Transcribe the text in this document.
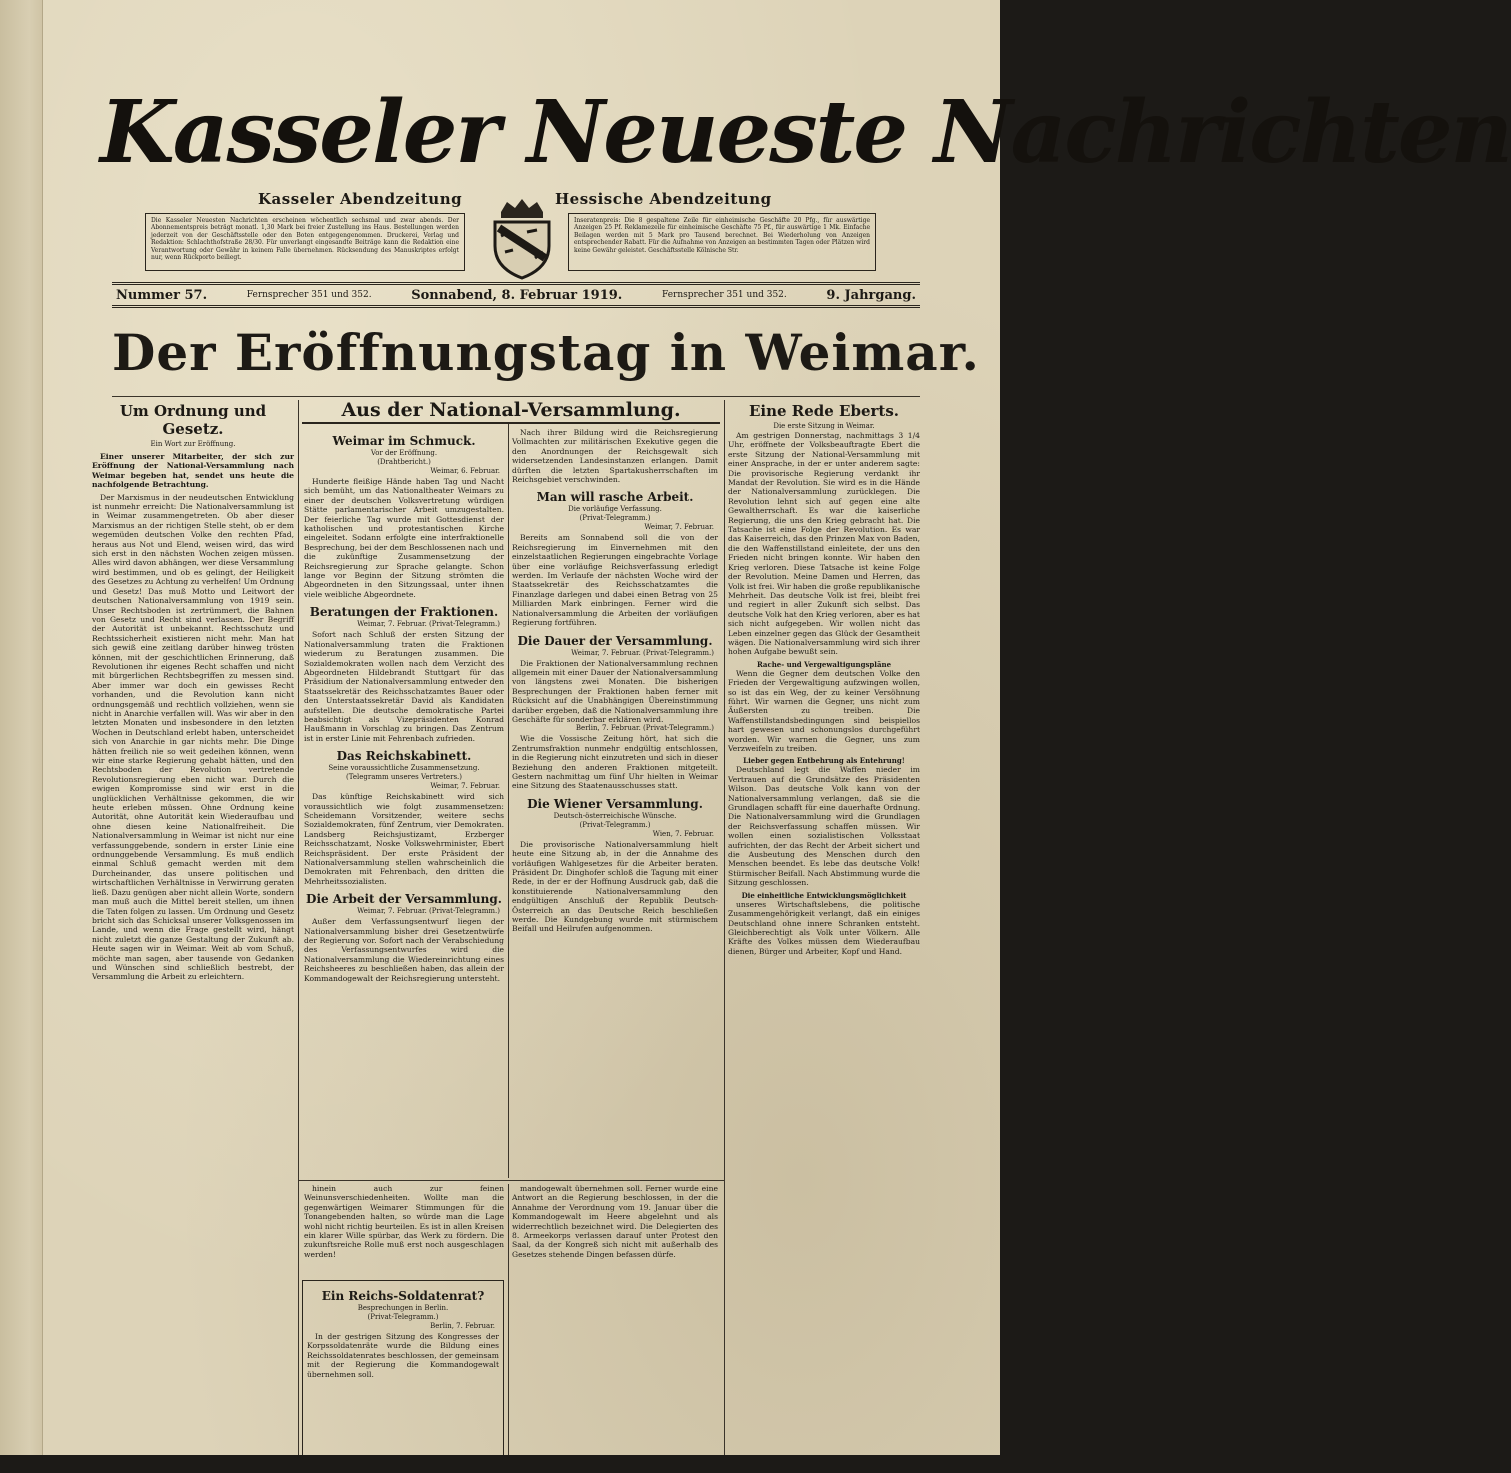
Kasseler Neueste Nachrichten
Kasseler Abendzeitung	Hessische Abendzeitung
Die Kasseler Neuesten Nachrichten erscheinen wöchentlich sechsmal und zwar abends. Der Abonnementspreis beträgt monatl. 1,30 Mark bei freier Zustellung ins Haus. Bestellungen werden jederzeit von der Geschäftsstelle oder den Boten entgegengenommen. Druckerei, Verlag und Redaktion: Schlachthofstraße 28/30. Für unverlangt eingesandte Beiträge kann die Redaktion eine Verantwortung oder Gewähr in keinem Falle übernehmen. Rücksendung des Manuskriptes erfolgt nur, wenn Rückporto beiliegt.
Inseratenpreis: Die 8 gespaltene Zeile für einheimische Geschäfte 20 Pfg., für auswärtige Anzeigen 25 Pf. Reklamezeile für einheimische Geschäfte 75 Pf., für auswärtige 1 Mk. Einfache Beilagen werden mit 5 Mark pro Tausend berechnet. Bei Wiederholung von Anzeigen entsprechender Rabatt. Für die Aufnahme von Anzeigen an bestimmten Tagen oder Plätzen wird keine Gewähr geleistet. Geschäftsstelle Kölnische Str.
Nummer 57.	Fernsprecher 351 und 352.	Sonnabend, 8. Februar 1919.	Fernsprecher 351 und 352.	9. Jahrgang.
Der Eröffnungstag in Weimar.
Um Ordnung und Gesetz.
Ein Wort zur Eröffnung.

Einer unserer Mitarbeiter, der sich zur Eröffnung der National-Versammlung nach Weimar begeben hat, sendet uns heute die nachfolgende Betrachtung.

Der Marxismus in der neudeutschen Entwicklung ist nunmehr erreicht: Die Nationalversammlung ist in Weimar zusammengetreten. Ob aber dieser Marxismus an der richtigen Stelle steht, ob er dem wegemüden deutschen Volke den rechten Pfad, heraus aus Not und Elend, weisen wird, das wird sich erst in den nächsten Wochen zeigen müssen. Alles wird davon abhängen, wer diese Versammlung wird bestimmen, und ob es gelingt, der Heiligkeit des Gesetzes zu Achtung zu verhelfen! Um Ordnung und Gesetz! Das muß Motto und Leitwort der deutschen Nationalversammlung von 1919 sein. Unser Rechtsboden ist zertrümmert, die Bahnen von Gesetz und Recht sind verlassen. Der Begriff der Autorität ist unbekannt. Rechtsschutz und Rechtssicherheit existieren nicht mehr. Man hat sich gewiß eine zeitlang darüber hinweg trösten können, mit der geschichtlichen Erinnerung, daß Revolutionen ihr eigenes Recht schaffen und nicht mit bürgerlichen Rechtsbegriffen zu messen sind. Aber immer war doch ein gewisses Recht vorhanden, und die Revolution kann nicht ordnungsgemäß und rechtlich vollziehen, wenn sie nicht in Anarchie verfallen will. Was wir aber in den letzten Monaten und insbesondere in den letzten Wochen in Deutschland erlebt haben, unterscheidet sich von Anarchie in gar nichts mehr. Die Dinge hätten freilich nie so weit gedeihen können, wenn wir eine starke Regierung gehabt hätten, und den Rechtsboden der Revolution vertretende Revolutionsregierung eben nicht war. Durch die ewigen Kompromisse sind wir erst in die unglücklichen Verhältnisse gekommen, die wir heute erleben müssen. Ohne Ordnung keine Autorität, ohne Autorität kein Wiederaufbau und ohne diesen keine Nationalfreiheit. Die Nationalversammlung in Weimar ist nicht nur eine verfassunggebende, sondern in erster Linie eine ordnunggebende Versammlung. Es muß endlich einmal Schluß gemacht werden mit dem Durcheinander, das unsere politischen und wirtschaftlichen Verhältnisse in Verwirrung geraten ließ. Dazu genügen aber nicht allein Worte, sondern man muß auch die Mittel bereit stellen, um ihnen die Taten folgen zu lassen. Um Ordnung und Gesetz bricht sich das Schicksal unserer Volksgenossen im Lande, und wenn die Frage gestellt wird, hängt nicht zuletzt die ganze Gestaltung der Zukunft ab. Heute sagen wir in Weimar. Weit ab vom Schuß, möchte man sagen, aber tausende von Gedanken und Wünschen sind schließlich bestrebt, der Versammlung die Arbeit zu erleichtern.

Aus der National-Versammlung.
Weimar im Schmuck.
Vor der Eröffnung.
(Drahtbericht.)
Weimar, 6. Februar.

Hunderte fleißige Hände haben Tag und Nacht sich bemüht, um das Nationaltheater Weimars zu einer der deutschen Volksvertretung würdigen Stätte parlamentarischer Arbeit umzugestalten. Der feierliche Tag wurde mit Gottesdienst der katholischen und protestantischen Kirche eingeleitet. Sodann erfolgte eine interfraktionelle Besprechung, bei der dem Beschlossenen nach und die zukünftige Zusammensetzung der Reichsregierung zur Sprache gelangte. Schon lange vor Beginn der Sitzung strömten die Abgeordneten in den Sitzungssaal, unter ihnen viele weibliche Abgeordnete.

Beratungen der Fraktionen.
Weimar, 7. Februar. (Privat-Telegramm.)

Sofort nach Schluß der ersten Sitzung der Nationalversammlung traten die Fraktionen wiederum zu Beratungen zusammen. Die Sozialdemokraten wollen nach dem Verzicht des Abgeordneten Hildebrandt Stuttgart für das Präsidium der Nationalversammlung entweder den Staatssekretär des Reichsschatzamtes Bauer oder den Unterstaatssekretär David als Kandidaten aufstellen. Die deutsche demokratische Partei beabsichtigt als Vizepräsidenten Konrad Haußmann in Vorschlag zu bringen. Das Zentrum ist in erster Linie mit Fehrenbach zufrieden.

Das Reichskabinett.
Seine voraussichtliche Zusammensetzung.
(Telegramm unseres Vertreters.)
Weimar, 7. Februar.

Das künftige Reichskabinett wird sich voraussichtlich wie folgt zusammensetzen: Scheidemann Vorsitzender, weitere sechs Sozialdemokraten, fünf Zentrum, vier Demokraten. Landsberg Reichsjustizamt, Erzberger Reichsschatzamt, Noske Volkswehrminister, Ebert Reichspräsident. Der erste Präsident der Nationalversammlung stellen wahrscheinlich die Demokraten mit Fehrenbach, den dritten die Mehrheitssozialisten.

Die Arbeit der Versammlung.
Weimar, 7. Februar. (Privat-Telegramm.)

Außer dem Verfassungsentwurf liegen der Nationalversammlung bisher drei Gesetzentwürfe der Regierung vor. Sofort nach der Verabschiedung des Verfassungsentwurfes wird die Nationalversammlung die Wiedereinrichtung eines Reichsheeres zu beschließen haben, das allein der Kommandogewalt der Reichsregierung untersteht.

Nach ihrer Bildung wird die Reichsregierung Vollmachten zur militärischen Exekutive gegen die den Anordnungen der Reichsgewalt sich widersetzenden Landesinstanzen erlangen. Damit dürften die letzten Spartakusherrschaften im Reichsgebiet verschwinden.

Man will rasche Arbeit.
Die vorläufige Verfassung.
(Privat-Telegramm.)
Weimar, 7. Februar.

Bereits am Sonnabend soll die von der Reichsregierung im Einvernehmen mit den einzelstaatlichen Regierungen eingebrachte Vorlage über eine vorläufige Reichsverfassung erledigt werden. Im Verlaufe der nächsten Woche wird der Staatssekretär des Reichsschatzamtes die Finanzlage darlegen und dabei einen Betrag von 25 Milliarden Mark einbringen. Ferner wird die Nationalversammlung die Arbeiten der vorläufigen Regierung fortführen.

Die Dauer der Versammlung.
Weimar, 7. Februar. (Privat-Telegramm.)

Die Fraktionen der Nationalversammlung rechnen allgemein mit einer Dauer der Nationalversammlung von längstens zwei Monaten. Die bisherigen Besprechungen der Fraktionen haben ferner mit Rücksicht auf die Unabhängigen Übereinstimmung darüber ergeben, daß die Nationalversammlung ihre Geschäfte für sonderbar erklären wird.

Berlin, 7. Februar. (Privat-Telegramm.)

Wie die Vossische Zeitung hört, hat sich die Zentrumsfraktion nunmehr endgültig entschlossen, in die Regierung nicht einzutreten und sich in dieser Beziehung den anderen Fraktionen mitgeteilt. Gestern nachmittag um fünf Uhr hielten in Weimar eine Sitzung des Staatenausschusses statt.

Die Wiener Versammlung.
Deutsch-österreichische Wünsche.
(Privat-Telegramm.)
Wien, 7. Februar.

Die provisorische Nationalversammlung hielt heute eine Sitzung ab, in der die Annahme des vorläufigen Wahlgesetzes für die Arbeiter beraten. Präsident Dr. Dinghofer schloß die Tagung mit einer Rede, in der er der Hoffnung Ausdruck gab, daß die konstituierende Nationalversammlung den endgültigen Anschluß der Republik Deutsch-Österreich an das Deutsche Reich beschließen werde. Die Kundgebung wurde mit stürmischem Beifall und Heilrufen aufgenommen.

hinein auch zur feinen Weinunsverschiedenheiten. Wollte man die gegenwärtigen Weimarer Stimmungen für die Tonangebenden halten, so würde man die Lage wohl nicht richtig beurteilen. Es ist in allen Kreisen ein klarer Wille spürbar, das Werk zu fördern. Die zukunftsreiche Rolle muß erst noch ausgeschlagen werden!

mandogewalt übernehmen soll. Ferner wurde eine Antwort an die Regierung beschlossen, in der die Annahme der Verordnung vom 19. Januar über die Kommandogewalt im Heere abgelehnt und als widerrechtlich bezeichnet wird. Die Delegierten des 8. Armeekorps verlassen darauf unter Protest den Saal, da der Kongreß sich nicht mit außerhalb des Gesetzes stehende Dingen befassen dürfe.

Ein Reichs-Soldatenrat?
Besprechungen in Berlin.
(Privat-Telegramm.)
Berlin, 7. Februar.

In der gestrigen Sitzung des Kongresses der Korpssoldatenräte wurde die Bildung eines Reichssoldatenrates beschlossen, der gemeinsam mit der Regierung die Kommandogewalt übernehmen soll.

Eine Rede Eberts.
Die erste Sitzung in Weimar.

Am gestrigen Donnerstag, nachmittags 3 1/4 Uhr, eröffnete der Volksbeauftragte Ebert die erste Sitzung der National-Versammlung mit einer Ansprache, in der er unter anderem sagte: Die provisorische Regierung verdankt ihr Mandat der Revolution. Sie wird es in die Hände der Nationalversammlung zurücklegen. Die Revolution lehnt sich auf gegen eine alte Gewaltherrschaft. Es war die kaiserliche Regierung, die uns den Krieg gebracht hat. Die Tatsache ist eine Folge der Revolution. Es war das Kaiserreich, das den Prinzen Max von Baden, die den Waffenstillstand einleitete, der uns den Frieden nicht bringen konnte. Wir haben den Krieg verloren. Diese Tatsache ist keine Folge der Revolution. Meine Damen und Herren, das Volk ist frei. Wir haben die große republikanische Mehrheit. Das deutsche Volk ist frei, bleibt frei und regiert in aller Zukunft sich selbst. Das deutsche Volk hat den Krieg verloren, aber es hat sich nicht aufgegeben. Wir wollen nicht das Leben einzelner gegen das Glück der Gesamtheit wägen. Die Nationalversammlung wird sich ihrer hohen Aufgabe bewußt sein.

Rache- und Vergewaltigungspläne

Wenn die Gegner dem deutschen Volke den Frieden der Vergewaltigung aufzwingen wollen, so ist das ein Weg, der zu keiner Versöhnung führt. Wir warnen die Gegner, uns nicht zum Äußersten zu treiben. Die Waffenstillstandsbedingungen sind beispiellos hart gewesen und schonungslos durchgeführt worden. Wir warnen die Gegner, uns zum Verzweifeln zu treiben.

Lieber gegen Entbehrung als Entehrung!

Deutschland legt die Waffen nieder im Vertrauen auf die Grundsätze des Präsidenten Wilson. Das deutsche Volk kann von der Nationalversammlung verlangen, daß sie die Grundlagen schafft für eine dauerhafte Ordnung. Die Nationalversammlung wird die Grundlagen der Reichsverfassung schaffen müssen. Wir wollen einen sozialistischen Volksstaat aufrichten, der das Recht der Arbeit sichert und die Ausbeutung des Menschen durch den Menschen beendet. Es lebe das deutsche Volk! Stürmischer Beifall. Nach Abstimmung wurde die Sitzung geschlossen.

Die einheitliche Entwicklungsmöglichkeit

unseres Wirtschaftslebens, die politische Zusammengehörigkeit verlangt, daß ein einiges Deutschland ohne innere Schranken entsteht. Gleichberechtigt als Volk unter Völkern. Alle Kräfte des Volkes müssen dem Wiederaufbau dienen, Bürger und Arbeiter, Kopf und Hand.
